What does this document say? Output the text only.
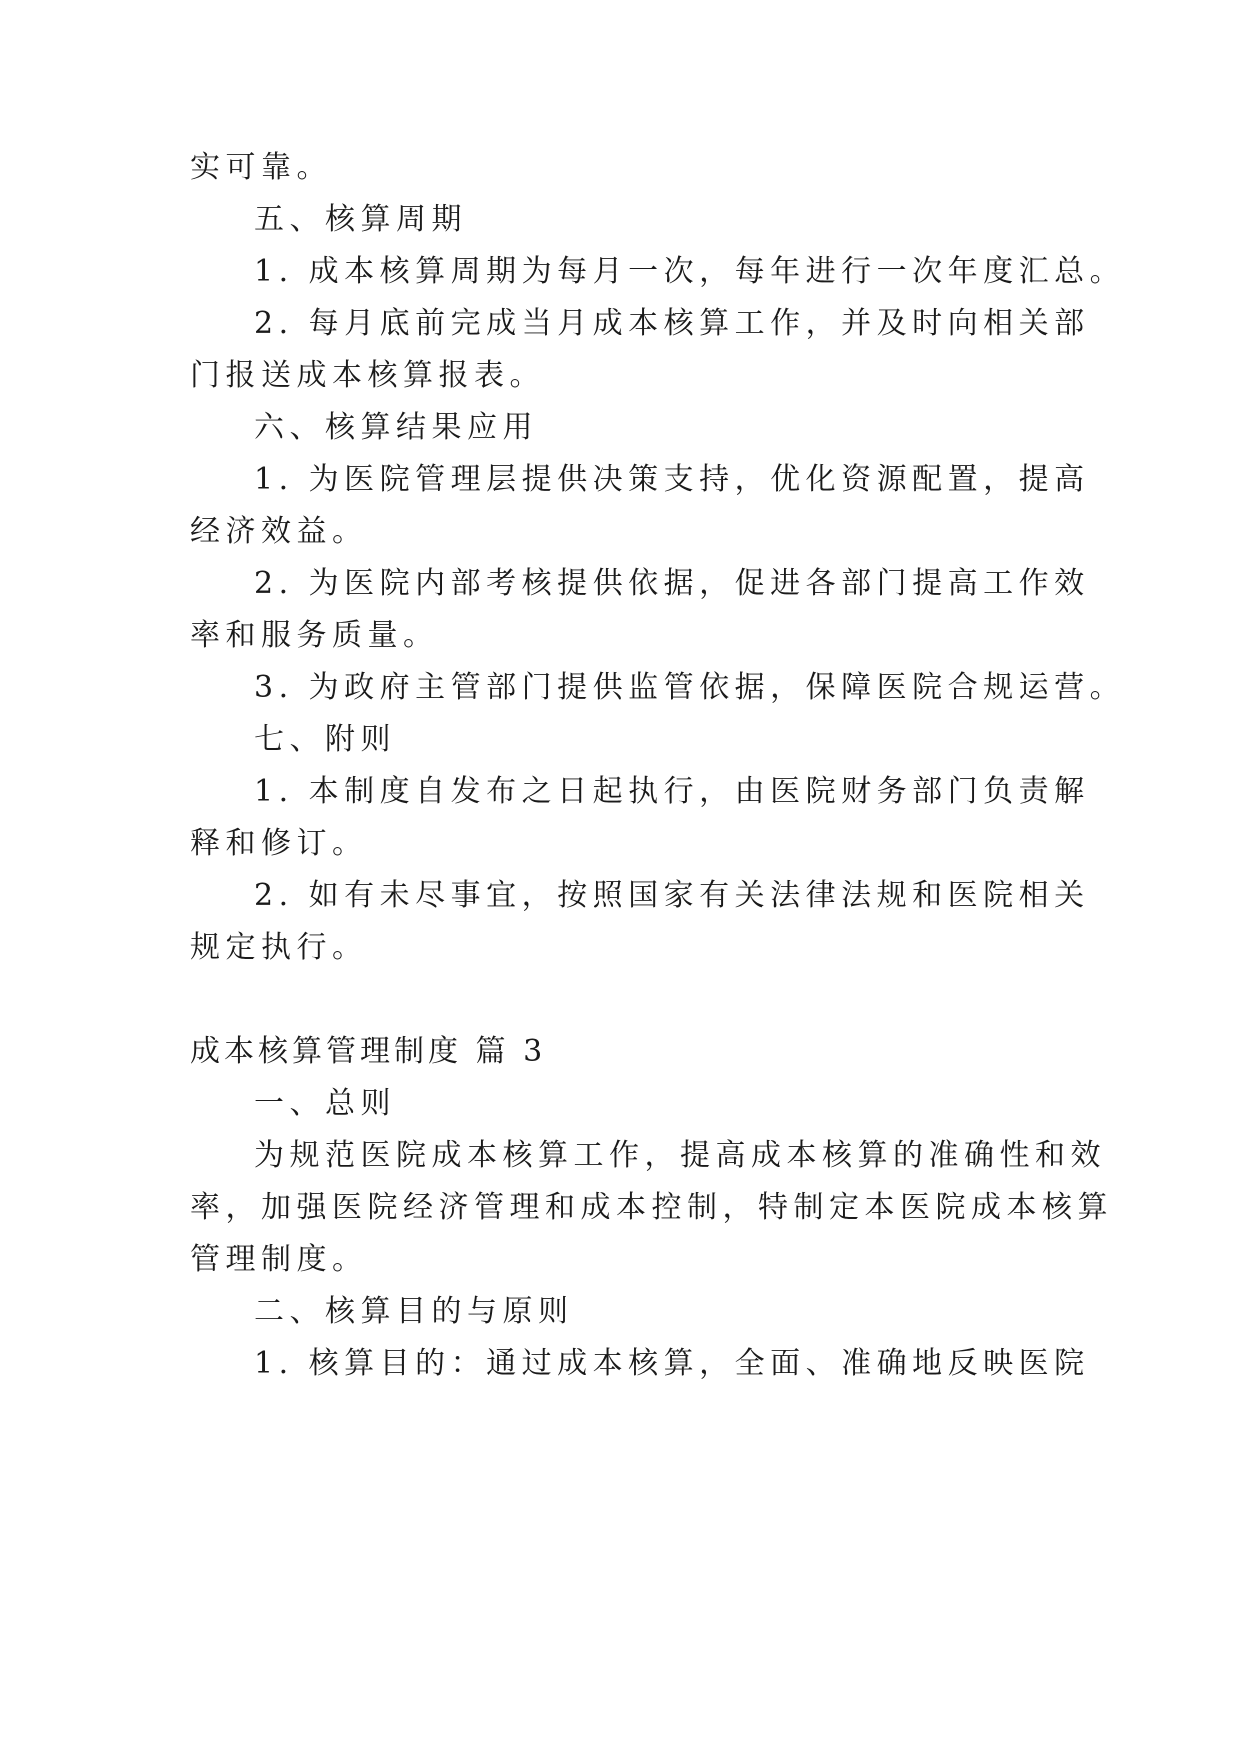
实可靠。

五、核算周期

1. 成本核算周期为每月一次，每年进行一次年度汇总。

2. 每月底前完成当月成本核算工作，并及时向相关部

门报送成本核算报表。

六、核算结果应用

1. 为医院管理层提供决策支持，优化资源配置，提高

经济效益。

2. 为医院内部考核提供依据，促进各部门提高工作效

率和服务质量。

3. 为政府主管部门提供监管依据，保障医院合规运营。

七、附则

1. 本制度自发布之日起执行，由医院财务部门负责解

释和修订。

2. 如有未尽事宜，按照国家有关法律法规和医院相关

规定执行。

成本核算管理制度 篇 3

一、总则

为规范医院成本核算工作，提高成本核算的准确性和效

率，加强医院经济管理和成本控制，特制定本医院成本核算

管理制度。

二、核算目的与原则

1. 核算目的：通过成本核算，全面、准确地反映医院
